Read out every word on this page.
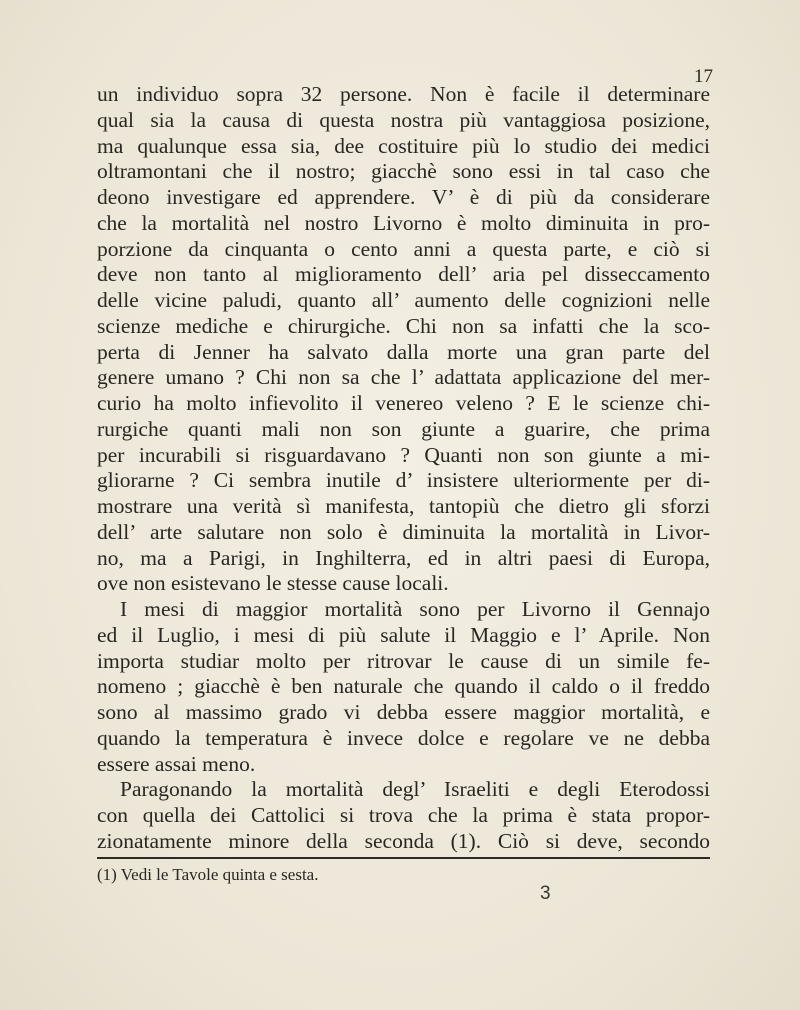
17
un individuo sopra 32 persone. Non è facile il determinare
qual sia la causa di questa nostra più vantaggiosa posizione,
ma qualunque essa sia, dee costituire più lo studio dei medici
oltramontani che il nostro; giacchè sono essi in tal caso che
deono investigare ed apprendere. V’ è di più da considerare
che la mortalità nel nostro Livorno è molto diminuita in pro-
porzione da cinquanta o cento anni a questa parte, e ciò si
deve non tanto al miglioramento dell’ aria pel disseccamento
delle vicine paludi, quanto all’ aumento delle cognizioni nelle
scienze mediche e chirurgiche. Chi non sa infatti che la sco-
perta di Jenner ha salvato dalla morte una gran parte del
genere umano ? Chi non sa che l’ adattata applicazione del mer-
curio ha molto infievolito il venereo veleno ? E le scienze chi-
rurgiche quanti mali non son giunte a guarire, che prima
per incurabili si risguardavano ? Quanti non son giunte a mi-
gliorarne ? Ci sembra inutile d’ insistere ulteriormente per di-
mostrare una verità sì manifesta, tantopiù che dietro gli sforzi
dell’ arte salutare non solo è diminuita la mortalità in Livor-
no, ma a Parigi, in Inghilterra, ed in altri paesi di Europa,
ove non esistevano le stesse cause locali.
I mesi di maggior mortalità sono per Livorno il Gennajo
ed il Luglio, i mesi di più salute il Maggio e l’ Aprile. Non
importa studiar molto per ritrovar le cause di un simile fe-
nomeno ; giacchè è ben naturale che quando il caldo o il freddo
sono al massimo grado vi debba essere maggior mortalità, e
quando la temperatura è invece dolce e regolare ve ne debba
essere assai meno.
Paragonando la mortalità degl’ Israeliti e degli Eterodossi
con quella dei Cattolici si trova che la prima è stata propor-
zionatamente minore della seconda (1). Ciò si deve, secondo
(1) Vedi le Tavole quinta e sesta.
3
